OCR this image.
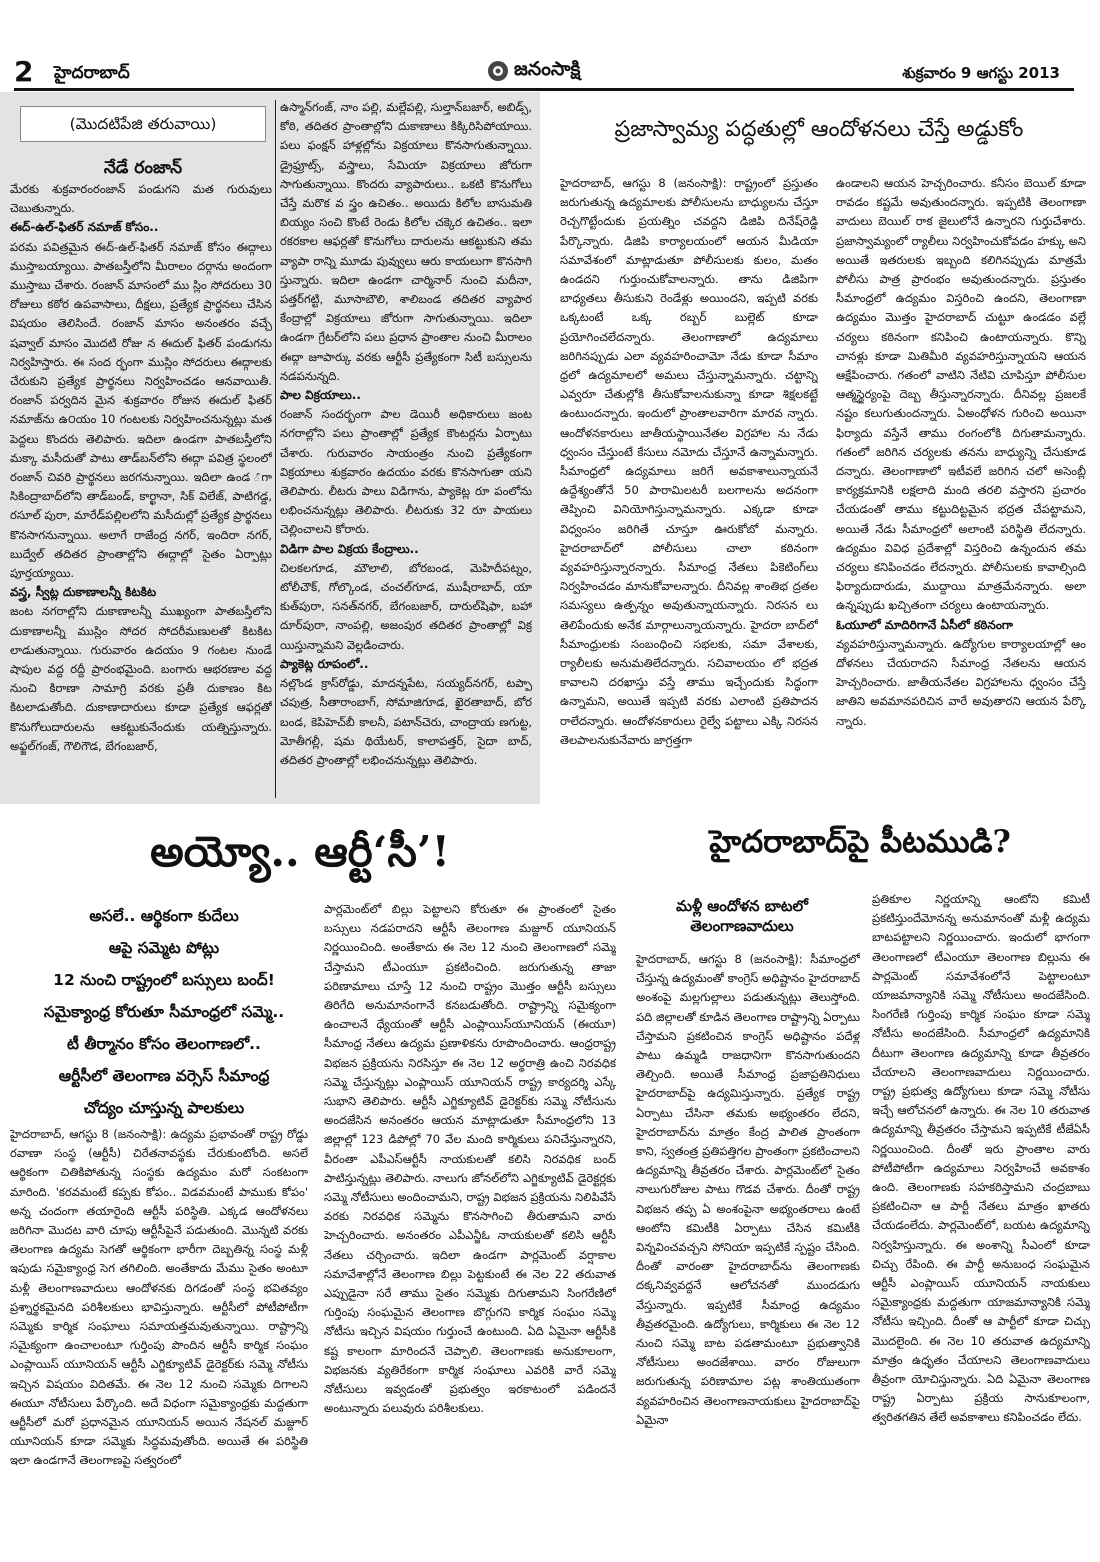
2 హైదరాబాద్	జనంసాక్షి	శుక్రవారం 9 ఆగస్టు 2013
(మొదటిపేజి తరువాయి)
నేడే రంజాన్
మేరకు శుక్రవారంరంజాన్ పండుగని మత గురువులు చెబుతున్నారు.
ఈద్‌-ఉల్‌-ఫితర్ నమాజ్ కోసం..
పరమ పవిత్రమైన ఈద్‌-ఉల్‌-ఫితర్ నమాజ్ కోసం ఈద్గాలు ముస్తాబయ్యాయి. పాతబస్తీలోని మీరాలం దర్గాను అందంగా ముస్తాబు చేశారు. రంజాన్ మాసంలో ము స్లిం సోదరులు 30 రోజులు కఠోర ఉపవాసాలు, దీక్షలు, ప్రత్యేక ప్రార్థనలు చేసిన విషయం తెలిసిందే. రంజాన్ మాసం అనంతరం వచ్చే షవ్వాల్ మాసం మొదటి రోజు న ఈదుల్ ఫితర్ పండుగను నిర్వహిస్తారు. ఈ సంద ర్భంగా ముస్లిం సోదరులు ఈద్గాలకు చేరుకుని ప్రత్యేక ప్రార్థనలు నిర్వహించడం ఆనవాయితీ. రంజాన్ పర్వదిన మైన శుక్రవారం రోజున ఈదుల్ ఫితర్ నమాజ్‌ను ఉ౦యం 10 గంటలకు నిర్వహించనున్నట్లు మత పెద్దలు కొందరు తెలిపారు. ఇదిలా ఉండగా పాతబస్తీలోని మక్కా మసీదుతో పాటు తాడ్‌బన్‌లోని ఈద్గా పవిత్ర స్థలంలో రంజాన్ చివరి ప్రార్థనలు జరగనున్నాయి. ఇదిలా ఉండ ౕగా సికింద్రాబాద్‌లోని తాడ్‌బండ్, కార్ఖానా, సిక్ విలేజ్, పాటిగడ్డ, రసూల్ పురా, మారేడ్‌పల్లిలలోని మసీదుల్లో ప్రత్యేక ప్రార్థనలు కొనసాగనున్నాయి. అలాగే రాజేంద్ర నగర్, ఇందిరా నగర్, బుద్వేల్ తదితర ప్రాంతాల్లోని ఈద్గాల్లో సైతం ఏర్పాట్లు పూర్తయ్యాయి.
వస్త్ర, స్వీట్ల దుకాణాలన్నీ కిటకిట
జంట నగరాల్లోని దుకాణాలన్నీ ముఖ్యంగా పాతబస్తీలోని దుకాణాలన్నీ ముస్లిం సోదర సోదరీమణులతో కిటకిట లాడుతున్నాయి. గురువారం ఉదయం 9 గంటల నుండే షాపుల వద్ద రద్దీ ప్రారంభమైంది. బంగారు ఆభరణాల వద్ద నుంచి కిరాణా సామాగ్రి వరకు ప్రతీ దుకాణం కిట కిటలాడుతోంది. దుకాణాదారులు కూడా ప్రత్యేక ఆఫర్లతో కొనుగోలుదారులను ఆకట్టుకునేందుకు యత్నిస్తున్నారు. అఫ్జల్‌గంజ్, గౌలిగౌడ, బేగంబజార్,
ఉస్మాన్‌గంజ్, నాం పల్లి, మల్లేపల్లి, సుల్తాన్‌బజార్, అబిడ్స్, కోఠి, తదితర ప్రాంతాల్లోని దుకాణాలు కిక్కిరిసిపోయాయి. పలు ఫంక్షన్ హాళ్లల్లోను విక్రయాలు కొనసాగుతున్నాయి. డ్రైఫ్రూట్స్, వస్త్రాలు, సేమియా విక్రయాలు జోరుగా సాగుతున్నాయి. కొందరు వ్యాపారులు.. ఒకటి కొనుగోలు చేస్తే మరొక వ స్త్రం ఉచితం.. అయిదు కిలోల బాసుమతి బియ్యం సంచి కొంటే రెండు కిలోల చక్కెర ఉచితం.. ఇలా రకరకాల ఆఫర్లతో కొనుగోలు దారులను ఆకట్టుకుని తమ వ్యాపా రాన్ని మూడు పువ్వులు ఆరు కాయలుగా కొనసాగి స్తున్నారు. ఇదిలా ఉండగా చార్మినార్ నుంచి మదీనా, పత్తర్‌గట్టి, మూసాబౌలి, శాలిబండ తదితర వ్యాపార కేంద్రాల్లో విక్రయాలు జోరుగా సాగుతున్నాయి. ఇదిలా ఉండగా గ్రేటర్‌లోని పలు ప్రధాన ప్రాంతాల నుంచి మీరాలం ఈద్గా జూపార్కు వరకు ఆర్టీసీ ప్రత్యేకంగా సిటీ బస్సులను నడపనున్నది.
పాల విక్రయాలు..
రంజాన్ సందర్భంగా పాల డెయిరీ అధికారులు జంట నగరాల్లోని పలు ప్రాంతాల్లో ప్రత్యేక కౌంటర్లను ఏర్పాటు చేశారు. గురువారం సాయంత్రం నుంచి ప్రత్యేకంగా విక్రయాలు శుక్రవారం ఉదయం వరకు కొనసాగుతా యని తెలిపారు. లీటరు పాలు విడిగాను, ప్యాకెట్ల రూ పంలోను లభించనున్నట్లు తెలిపారు. లీటరుకు 32 రూ పాయలు చెల్లించాలని కోరారు.
విడిగా పాల విక్రయ కేంద్రాలు..
చిలకలగూడ, మౌలాలి, బోరబండ, మెహిదీపట్నం, టోలీచౌక్, గోల్కొండ, చంచల్‌గూడ, ముషీరాబాద్, యా కుత్‌పురా, సనత్‌నగర్, బేగంబజార్, దారుల్‌షిఫా, బహా దూర్‌పురా, నాంపల్లి, అజంపుర తదితర ప్రాంతాల్లో విక్ర యిస్తున్నామని వెల్లడించారు.
ప్యాకెట్ల రూపంలో..
నల్లొండ క్రాస్‌రోడ్డు, మాదన్నపేట, సయ్యద్‌నగర్, టప్పా చపుత్ర, సీతారాంబాగ్, సోమాజిగూడ, ఖైరతాబాద్, బోర బండ, కెపిహెచ్‌బీ కాలనీ, పటాన్‌చెరు, చాంద్రాయ ణగుట్ట, మోతీగల్లీ, షమ థియేటర్, కాలాపత్తర్, సైదా బాద్, తదితర ప్రాంతాల్లో లభించనున్నట్లు తెలిపారు.
ప్రజాస్వామ్య పద్ధతుల్లో ఆందోళనలు చేస్తే అడ్డుకోం
హైదరాబాద్, ఆగస్టు 8 (జనంసాక్షి): రాష్ట్రంలో ప్రస్తుతం జరుగుతున్న ఉద్యమాలకు పోలీసులను బాధ్యులను చేస్తూ రెచ్చగొట్టేందుకు ప్రయత్నిం చవద్దని డిజిపి దినేష్‌రెడ్డి పేర్కొన్నారు. డిజిపి కార్యాలయంలో ఆయన మీడియా సమావేశంలో మాట్లాడుతూ పోలీసులకు కులం, మతం ఉండదని గుర్తుంచుకోవాలన్నారు. తాను డిజిపిగా బాధ్యతలు తీసుకుని రెండేళ్లు అయిందని, ఇప్పటి వరకు ఒక్కటంటే ఒక్క రబ్బర్ బుల్లెట్ కూడా ప్రయోగించలేదన్నారు. తెలంగాణాలో ఉద్యమాలు జరిగినప్పుడు ఎలా వ్యవహరించామో నేడు కూడా సీమాం ధ్రలో ఉద్యమాలలో అమలు చేస్తున్నామన్నారు. చట్టాన్ని ఎవ్వరూ చేతుల్లోకి తీసుకోవాలనుకున్నా కూడా శిక్షలకట్టే ఉంటుందన్నారు. ఇందులో ప్రాంతాలవారిగా మారవ న్నారు. ఆందోళనకారులు జాతీయస్థాయినేతల విగ్రహాల ను నేడు ధ్వంసం చేస్తుంటే కేసులు నమోదు చేస్తూనే ఉన్నామన్నారు. సీమాంధ్రలో ఉద్యమాలు జరిగే అవకాశాలున్నాయనే ఉద్దేశ్యంతోనే 50 పారామిలటరీ బలగాలను అదనంగా తెప్పించి వినియోగిస్తున్నామన్నారు. ఎక్కడా కూడా విధ్వంసం జరిగితే చూస్తూ ఊరుకోబో మన్నారు. హైదరాబాద్‌లో పోలీసులు చాలా కఠినంగా వ్యవహరిస్తున్నారన్నారు. సీమాంధ్ర నేతలు పికెటింగ్‌లు నిర్వహించడం మానుకోవాలన్నారు. దీనివల్ల శాంతిభ ద్రతల సమస్యలు ఉత్పన్నం అవుతున్నాయన్నారు. నిరసన లు తెలిపేందుకు అనేక మార్గాలున్నాయన్నారు. హైదరా బాద్‌లో సీమాంధ్రులకు సంబంధించి సభలకు, సమా వేశాలకు, ర్యాలీలకు అనుమతిలేదన్నారు. సచివాలయం లో భద్రత కావాలని దరఖాస్తు వస్తే తాము ఇచ్చేందుకు సిద్ధంగా ఉన్నామని, అయితే ఇప్పటి వరకు ఎలాంటి ప్రతిపాదన రాలేదన్నారు. ఆందోళనకారులు రైల్వే పట్టాలు ఎక్కి నిరసన తెలపాలనుకునేవారు జాగ్రత్తగా
ఉండాలని ఆయన హెచ్చరించారు. కనీసం బెయిల్ కూడా రావడం కష్టమే అవుతుందన్నారు. ఇప్పటికి తెలంగాణా వాదులు బెయిల్ రాక జైలులోనే ఉన్నారని గుర్తుచేశారు. ప్రజాస్వామ్యంలో ర్యాలీలు నిర్వహించుకోవడం హక్కు అని అయితే ఇతరులకు ఇబ్బంది కలిగినప్పుడు మాత్రమే పోలీసు పాత్ర ప్రారంభం అవుతుందన్నారు. ప్రస్తుతం సీమాంధ్రలో ఉద్యమం విస్తరించి ఉందని, తెలంగాణా ఉద్యమం మొత్తం హైదరాబాద్ చుట్టూ ఉండడం వల్లే చర్యలు కఠినంగా కనిపించి ఉంటాయన్నారు. కొన్ని చానళ్లు కూడా మితిమీరి వ్యవహరిస్తున్నాయని ఆయన ఆక్షేపించారు. గతంలో వాటిని నేటివి చూపిస్తూ పోలీసుల ఆత్మస్థైర్యంపై దెబ్బ తీస్తున్నారన్నారు. దీనివల్ల ప్రజలకే నష్టం కలుగుతుందన్నారు. ఏఅంధోళన గురించి అయినా ఫిర్యాదు వస్తేనే తాము రంగంలోకి దిగుతామన్నారు. గతంలో జరిగిన చర్యలకు తనను బాధ్యున్ని చేసుకూడ దన్నారు. తెలంగాణాలో ఇటీవలే జరిగిన చలో అసెంబ్లీ కార్యక్రమానికి లక్షలాది మంది తరలి వస్తారని ప్రచారం చేయడంతో తాము కట్టుదిట్టమైన భద్రత చేపట్టామని, అయితే నేడు సీమాంధ్రలో అలాంటి పరిస్థితి లేదన్నారు. ఉద్యమం వివిధ ప్రదేశాల్లో విస్తరించి ఉన్నందున తమ చర్యలు కనిపించడం లేదన్నారు. పోలీసులకు కావాల్సింది ఫిర్యాదుదారుడు, ముద్దాయి మాత్రమేనన్నారు. అలా ఉన్నప్పుడు ఖచ్చితంగా చర్యలు ఉంటాయన్నారు.
ఓయూలో మాదిరిగానే ఏసీలో కఠినంగా
వ్యవహరిస్తున్నామన్నారు. ఉద్యోగుల కార్యాలయాల్లో ఆం దోళనలు చేయరాదని సీమాంధ్ర నేతలను ఆయన హెచ్చరించారు. జాతీయనేతల విగ్రహాలను ధ్వంసం చేస్తే జాతిని అవమానపరిచిన వారే అవుతారని ఆయన పేర్కొ న్నారు.
అయ్యో.. ఆర్టీ‘సీ’!
అసలే.. ఆర్థికంగా కుదేలు
ఆపై సమ్మెట పోట్లు
12 నుంచి రాష్ట్రంలో బస్సులు బంద్!
సమైక్యాంధ్ర కోరుతూ సీమాంధ్రలో సమ్మె..
టీ తీర్మానం కోసం తెలంగాణలో..
ఆర్టీసీలో తెలంగాణ వర్సెస్ సీమాంధ్ర
చోద్యం చూస్తున్న పాలకులు
హైదరాబాద్, ఆగస్టు 8 (జనంసాక్షి): ఉద్యమ ప్రభావంతో రాష్ట్ర రోడ్డు రవాణా సంస్థ (ఆర్టీసీ) చిరేతనావస్థకు చేరుకుంటోంది. అసలే ఆర్థికంగా చితికిపోతున్న సంస్థకు ఉద్యమం మరో సంకటంగా మారింది. 'కరవమంటే కప్పకు కోపం.. విడవమంటే పాముకు కోపం' అన్న చందంగా తయారైంది ఆర్టీసీ పరిస్థితి. ఎక్కడ ఆందోళనలు జరిగినా మొదట వారి చూపు ఆర్టీసీపైనే పడుతుంది. మొన్నటి వరకు తెలంగాణ ఉద్యమ సెగతో ఆర్థికంగా భారీగా దెబ్బతిన్న సంస్థ మళ్లీ ఇపుడు సమైక్యాంధ్ర సెగ తగిలింది. అంతేకాదు మేము సైతం అంటూ మళ్లీ తెలంగాణవాదులు ఆందోళనకు దిగడంతో సంస్థ భవితవ్యం ప్రశ్నార్థకమైనది పరిశీలకులు భావిస్తున్నారు. ఆర్టీసీలో పోటీపోటీగా సమ్మెకు కార్మిక సంఘాలు సమాయత్తమవుతున్నాయి. రాష్ట్రాన్ని సమైక్యంగా ఉంచాలంటూ గుర్తింపు పొందిన ఆర్టీసీ కార్మిక సంఘం ఎంప్లాయిస్ యూనియన్ ఆర్టీసీ ఎగ్జిక్యూటివ్ డైరెక్టర్‌కు సమ్మె నోటీసు ఇచ్చిన విషయం విదితమే. ఈ నెల 12 నుంచి సమ్మెకు దిగాలని ఈయూ నోటీసులు పేర్కొంది. అదే విధంగా సమైక్యాంధ్రకు మద్దతుగా ఆర్టీసీలో మరో ప్రధానమైన యూనియన్ అయిన నేషనల్ మజ్దూర్ యూనియన్ కూడా సమ్మెకు సిద్ధమవుతోంది. అయితే ఈ పరిస్థితి ఇలా ఉండగానే తెలంగాణపై సత్వరంలో
పార్లమెంట్‌లో బిల్లు పెట్టాలని కోరుతూ ఈ ప్రాంతంలో సైతం బస్సులు నడపరాదని ఆర్టీసీ తెలంగాణ మజ్దూర్ యూనియన్ నిర్ణయించింది. అంతేకాదు ఈ నెల 12 నుంచి తెలంగాణలో సమ్మె చేస్తామని టీఎంయూ ప్రకటించింది. జరుగుతున్న తాజా పరిణామాలు చూస్తే 12 నుంచి రాష్ట్రం మొత్తం ఆర్టీసీ బస్సులు తిరిగేది అనుమానంగానే కనబడుతోంది. రాష్ట్రాన్ని సమైక్యంగా ఉంచాలనే ధ్యేయంతో ఆర్టీసీ ఎంప్లాయిస్‌యూనియన్ (ఈయూ) సీమాంధ్ర నేతలు ఉద్యమ ప్రణాళికను రూపొందించారు. ఆంధ్రరాష్ట్ర విభజన ప్రక్రియను నిరసిస్తూ ఈ నెల 12 అర్థరాత్రి ఉంచి నిరవధిక సమ్మె చేస్తున్నట్లు ఎంప్లాయిస్ యూనియన్ రాష్ట్ర కార్యదర్శి ఎస్కే సుభాని తెలిపారు. ఆర్టీసీ ఎగ్జిక్యూటివ్ డైరెక్టర్‌కు సమ్మె నోటీసును అందజేసిన అనంతరం ఆయన మాట్లాడుతూ సీమాంధ్రలోని 13 జిల్లాల్లో 123 డిపోల్లో 70 వేల మంది కార్మికులు పనిచేస్తున్నారని, వీరంతా ఎపీఎస్ఆర్టీసీ నాయకులతో కలిసి నిరవధిక బంద్ పాటిస్తున్నట్లు తెలిపారు. నాలుగు జోనల్‌లోని ఎగ్జిక్యూటివ్ డైరెక్టర్లకు సమ్మె నోటీసులు అందించామని, రాష్ట్ర విభజన ప్రక్రియను నిలిపివేసే వరకు నిరవధిక సమ్మెను కొనసాగించి తీరుతామని వారు హెచ్చరించారు. అనంతరం ఎపీఎన్జీఓ నాయకులతో కలిసి ఆర్టీసీ నేతలు చర్చించారు. ఇదిలా ఉండగా పార్లమెంట్ వర్షాకాల సమావేశాల్లోనే తెలంగాణ బిల్లు పెట్టకుంటే ఈ నెల 22 తరువాత ఎప్పుడైనా సరే తాము సైతం సమ్మెకు దిగుతామని సింగరేణిలో గుర్తింపు సంఘమైన తెలంగాణ బొగ్గుగని కార్మిక సంఘం సమ్మె నోటీసు ఇచ్చిన విషయం గుర్తుంచే ఉంటుంది. ఏది ఏమైనా ఆర్టీసీకి కష్ట కాలంగా మారిందనే చెప్పాలి. తెలంగాణకు అనుకూలంగా, విభజనకు వ్యతిరేకంగా కార్మిక సంఘాలు ఎవరికి వారే సమ్మె నోటీసులు ఇవ్వడంతో ప్రభుత్వం ఇరకాటంలో పడిందనే అంటున్నారు పలువురు పరిశీలకులు.
హైదరాబాద్‌పై పీటముడి?
మళ్లీ ఆందోళన బాటలో
తెలంగాణవాదులు
హైదరాబాద్, ఆగస్టు 8 (జనంసాక్షి): సీమాంధ్రలో చేస్తున్న ఉద్యమంతో కాంగ్రెస్ అధిష్టానం హైదరాబాద్ అంశంపై మల్లగుల్లాలు పడుతున్నట్లు తెలుస్తోంది. పది జిల్లాలతో కూడిన తెలంగాణ రాష్ట్రాన్ని ఏర్పాటు చేస్తామని ప్రకటించిన కాంగ్రెస్ అధిష్టానం పదేళ్ల పాటు ఉమ్మడి రాజధానిగా కొనసాగుతుందని తెల్చింది. అయితే సీమాంధ్ర ప్రజాప్రతినిధులు హైదరాబాద్‌పై ఉద్యమిస్తున్నారు. ప్రత్యేక రాష్ట్ర ఏర్పాటు చేసినా తమకు అభ్యంతరం లేదని, హైదరాబాద్‌ను మాత్రం కేంద్ర పాలిత ప్రాంతంగా కాని, స్వతంత్ర ప్రతిపత్తిగల ప్రాంతంగా ప్రకటించాలని ఉద్యమాన్ని తీవ్రతరం చేశారు. పార్లమెంట్‌లో సైతం నాలుగురోజుల పాటు గొడవ చేశారు. దీంతో రాష్ట్ర విభజన తప్ప ఏ అంశంపైనా అభ్యంతరాలు ఉంటే ఆంటోని కమిటీకి ఏర్పాటు చేసిన కమిటీకి విన్నవించవచ్చని సోనియా ఇప్పటికే స్పష్టం చేసింది. దీంతో వారంతా హైదరాబాద్‌ను తెలంగాణకు దక్కనివ్వవద్దనే ఆలోచనతో ముందడుగు వేస్తున్నారు. ఇప్పటికే సీమాంధ్ర ఉద్యమం తీవ్రతరమైంది. ఉద్యోగులు, కార్మికులు ఈ నెల 12 నుంచి సమ్మె బాట పడతామంటూ ప్రభుత్వానికి నోటీసులు అందజేశాయి. వారం రోజులుగా జరుగుతున్న పరిణామాల పట్ల శాంతియుతంగా వ్యవహరించిన తెలంగాణనాయకులు హైదరాబాద్‌పై ఏమైనా
ప్రతికూల నిర్ణయాన్ని ఆంటోని కమిటీ ప్రకటిస్తుందేమోనన్న అనుమానంతో మళ్లీ ఉద్యమ బాటపట్టాలని నిర్ణయించారు. ఇందులో భాగంగా తెలంగాణలో టీఎంయూ తెలంగాణ బిల్లును ఈ పార్లమెంట్ సమావేశంలోనే పెట్టాలంటూ యాజమాన్యానికి సమ్మె నోటీసులు అందజేసింది. సింగరేణి గుర్తింపు కార్మిక సంఘం కూడా సమ్మె నోటీసు అందజేసింది. సీమాంధ్రలో ఉద్యమానికి దీటుగా తెలంగాణ ఉద్యమాన్ని కూడా తీవ్రతరం చేయాలని తెలంగాణవాదులు నిర్ణయించారు. రాష్ట్ర ప్రభుత్వ ఉద్యోగులు కూడా సమ్మె నోటీసు ఇచ్చే ఆలోచనలో ఉన్నారు. ఈ నెల 10 తరువాత ఉద్యమాన్ని తీవ్రతరం చేస్తామని ఇప్పటికే టీజేఏసీ నిర్ణయించింది. దీంతో ఇరు ప్రాంతాల వారు పోటీపోటీగా ఉద్యమాలు నిర్వహించే అవకాశం ఉంది. తెలంగాణకు సహకరిస్తామని చంద్రబాబు ప్రకటించినా ఆ పార్టీ నేతలు మాత్రం ఖాతరు చేయడంలేదు. పార్లమెంట్‌లో, బయట ఉద్యమాన్ని నిర్వహిస్తున్నారు. ఈ అంశాన్ని సీఎంలో కూడా చిచ్చు రేపింది. ఈ పార్టీ అనుబంధ సంఘమైన ఆర్టీసీ ఎంప్లాయిస్ యూనియన్ నాయకులు సమైక్యాంధ్రకు మద్దతుగా యాజమాన్యానికి సమ్మె నోటీసు ఇచ్చింది. దీంతో ఆ పార్టీలో కూడా చిచ్చు మొదలైంది. ఈ నెల 10 తరువాత ఉద్యమాన్ని మాత్రం ఉధృతం చేయాలని తెలంగాణవాదులు తీవ్రంగా యోచిస్తున్నారు. ఏది ఏమైనా తెలంగాణ రాష్ట్ర ఏర్పాటు ప్రక్రియ సానుకూలంగా, త్వరితగతిన తేలే అవకాశాలు కనిపించడం లేదు.
